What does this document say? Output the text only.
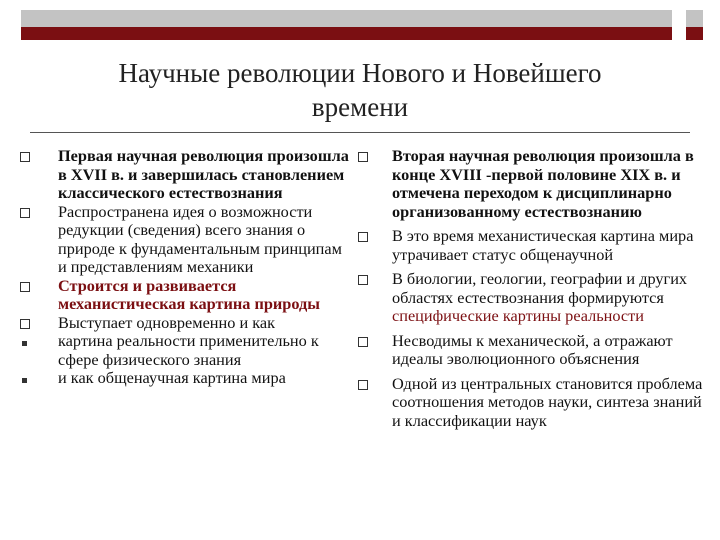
Научные революции Нового и Новейшего
времени
Первая научная революция произошла в XVII в. и завершилась становлением классического естествознания
Распространена идея о возможности редукции (сведения) всего знания о природе к фундаментальным принципам и представлениям механики
Строится и развивается механистическая картина природы
Выступает одновременно и как
картина реальности применительно к сфере физического знания
и как общенаучная картина мира
Вторая научная революция произошла в конце XVIII -первой половине XIX в. и отмечена переходом к дисциплинарно организованному естествознанию
В это время механистическая картина мира утрачивает статус общенаучной
В биологии, геологии, географии и других областях естествознания формируются специфические картины реальности
Несводимы к механической, а отражают идеалы эволюционного объяснения
Одной из центральных становится проблема соотношения методов науки, синтеза знаний и классификации наук
